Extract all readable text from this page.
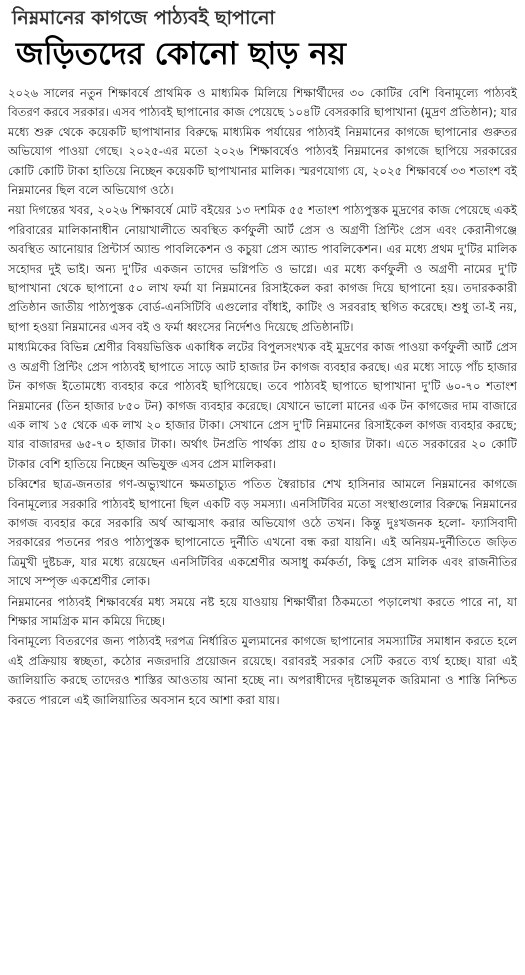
নিম্নমানের কাগজে পাঠ্যবই ছাপানো
জড়িতদের কোনো ছাড় নয়

২০২৬ সালের নতুন শিক্ষাবর্ষে প্রাথমিক ও মাধ্যমিক মিলিয়ে শিক্ষার্থীদের ৩০ কোটির বেশি বিনামূল্যে পাঠ্যবই বিতরণ করবে সরকার। এসব পাঠ্যবই ছাপানোর কাজ পেয়েছে ১০৪টি বেসরকারি ছাপাখানা (মুদ্রণ প্রতিষ্ঠান); যার মধ্যে শুরু থেকে কয়েকটি ছাপাখানার বিরুদ্ধে মাধ্যমিক পর্যায়ের পাঠ্যবই নিম্নমানের কাগজে ছাপানোর গুরুতর অভিযোগ পাওয়া গেছে। ২০২৫-এর মতো ২০২৬ শিক্ষাবর্ষেও পাঠ্যবই নিম্নমানের কাগজে ছাপিয়ে সরকারের কোটি কোটি টাকা হাতিয়ে নিচ্ছেন কয়েকটি ছাপাখানার মালিক। স্মরণযোগ্য যে, ২০২৫ শিক্ষাবর্ষে ৩৩ শতাংশ বই নিম্নমানের ছিল বলে অভিযোগ ওঠে।

নয়া দিগন্তের খবর, ২০২৬ শিক্ষাবর্ষে মোট বইয়ের ১৩ দশমিক ৫৫ শতাংশ পাঠ্যপুস্তক মুদ্রণের কাজ পেয়েছে একই পরিবারের মালিকানাধীন নোয়াখালীতে অবস্থিত কর্ণফুলী আর্ট প্রেস ও অগ্রণী প্রিন্টিং প্রেস এবং কেরানীগঞ্জে অবস্থিত আনোয়ার প্রিন্টার্স অ্যান্ড পাবলিকেশন ও কচুয়া প্রেস অ্যান্ড পাবলিকেশন। এর মধ্যে প্রথম দু'টির মালিক সহোদর দুই ভাই। অন্য দু'টির একজন তাদের ভগ্নিপতি ও ভাগ্নে। এর মধ্যে কর্ণফুলী ও অগ্রণী নামের দু'টি ছাপাখানা থেকে ছাপানো ৫০ লাখ ফর্মা যা নিম্নমানের রিসাইকেল করা কাগজ দিয়ে ছাপানো হয়। তদারককারী প্রতিষ্ঠান জাতীয় পাঠ্যপুস্তক বোর্ড-এনসিটিবি এগুলোর বাঁধাই, কাটিং ও সরবরাহ স্থগিত করেছে। শুধু তা-ই নয়, ছাপা হওয়া নিম্নমানের এসব বই ও ফর্মা ধ্বংসের নির্দেশও দিয়েছে প্রতিষ্ঠানটি।

মাধ্যমিকের বিভিন্ন শ্রেণীর বিষয়ভিত্তিক একাধিক লটের বিপুলসংখ্যক বই মুদ্রণের কাজ পাওয়া কর্ণফুলী আর্ট প্রেস ও অগ্রণী প্রিন্টিং প্রেস পাঠ্যবই ছাপাতে সাড়ে আট হাজার টন কাগজ ব্যবহার করছে। এর মধ্যে সাড়ে পাঁচ হাজার টন কাগজ ইতোমধ্যে ব্যবহার করে পাঠ্যবই ছাপিয়েছে। তবে পাঠ্যবই ছাপাতে ছাপাখানা দু'টি ৬০-৭০ শতাংশ নিম্নমানের (তিন হাজার ৮৫০ টন) কাগজ ব্যবহার করেছে। যেখানে ভালো মানের এক টন কাগজের দাম বাজারে এক লাখ ১৫ থেকে এক লাখ ২০ হাজার টাকা। সেখানে প্রেস দু'টি নিম্নমানের রিসাইকেল কাগজ ব্যবহার করছে; যার বাজারদর ৬৫-৭০ হাজার টাকা। অর্থাৎ টনপ্রতি পার্থক্য প্রায় ৫০ হাজার টাকা। এতে সরকারের ২০ কোটি টাকার বেশি হাতিয়ে নিচ্ছেন অভিযুক্ত এসব প্রেস মালিকরা।

চব্বিশের ছাত্র-জনতার গণ-অভ্যুত্থানে ক্ষমতাচ্যুত পতিত স্বৈরাচার শেখ হাসিনার আমলে নিম্নমানের কাগজে বিনামূল্যের সরকারি পাঠ্যবই ছাপানো ছিল একটি বড় সমস্যা। এনসিটিবির মতো সংস্থাগুলোর বিরুদ্ধে নিম্নমানের কাগজ ব্যবহার করে সরকারি অর্থ আত্মসাৎ করার অভিযোগ ওঠে তখন। কিন্তু দুঃখজনক হলো- ফ্যাসিবাদী সরকারের পতনের পরও পাঠ্যপুস্তক ছাপানোতে দুর্নীতি এখনো বন্ধ করা যায়নি। এই অনিয়ম-দুর্নীতিতে জড়িত ত্রিমুখী দুষ্টচক্র, যার মধ্যে রয়েছেন এনসিটিবির একশ্রেণীর অসাধু কর্মকর্তা, কিছু প্রেস মালিক এবং রাজনীতির সাথে সম্পৃক্ত একশ্রেণীর লোক।

নিম্নমানের পাঠ্যবই শিক্ষাবর্ষের মধ্য সময়ে নষ্ট হয়ে যাওয়ায় শিক্ষার্থীরা ঠিকমতো পড়ালেখা করতে পারে না, যা শিক্ষার সামগ্রিক মান কমিয়ে দিচ্ছে।

বিনামূল্যে বিতরণের জন্য পাঠ্যবই দরপত্র নির্ধারিত মুল্যমানের কাগজে ছাপানোর সমস্যাটির সমাধান করতে হলে এই প্রক্রিয়ায় স্বচ্ছতা, কঠোর নজরদারি প্রয়োজন রয়েছে। বরাবরই সরকার সেটি করতে ব্যর্থ হচ্ছে। যারা এই জালিয়াতি করছে তাদেরও শাস্তির আওতায় আনা হচ্ছে না। অপরাধীদের দৃষ্টান্তমূলক জরিমানা ও শাস্তি নিশ্চিত করতে পারলে এই জালিয়াতির অবসান হবে আশা করা যায়।
